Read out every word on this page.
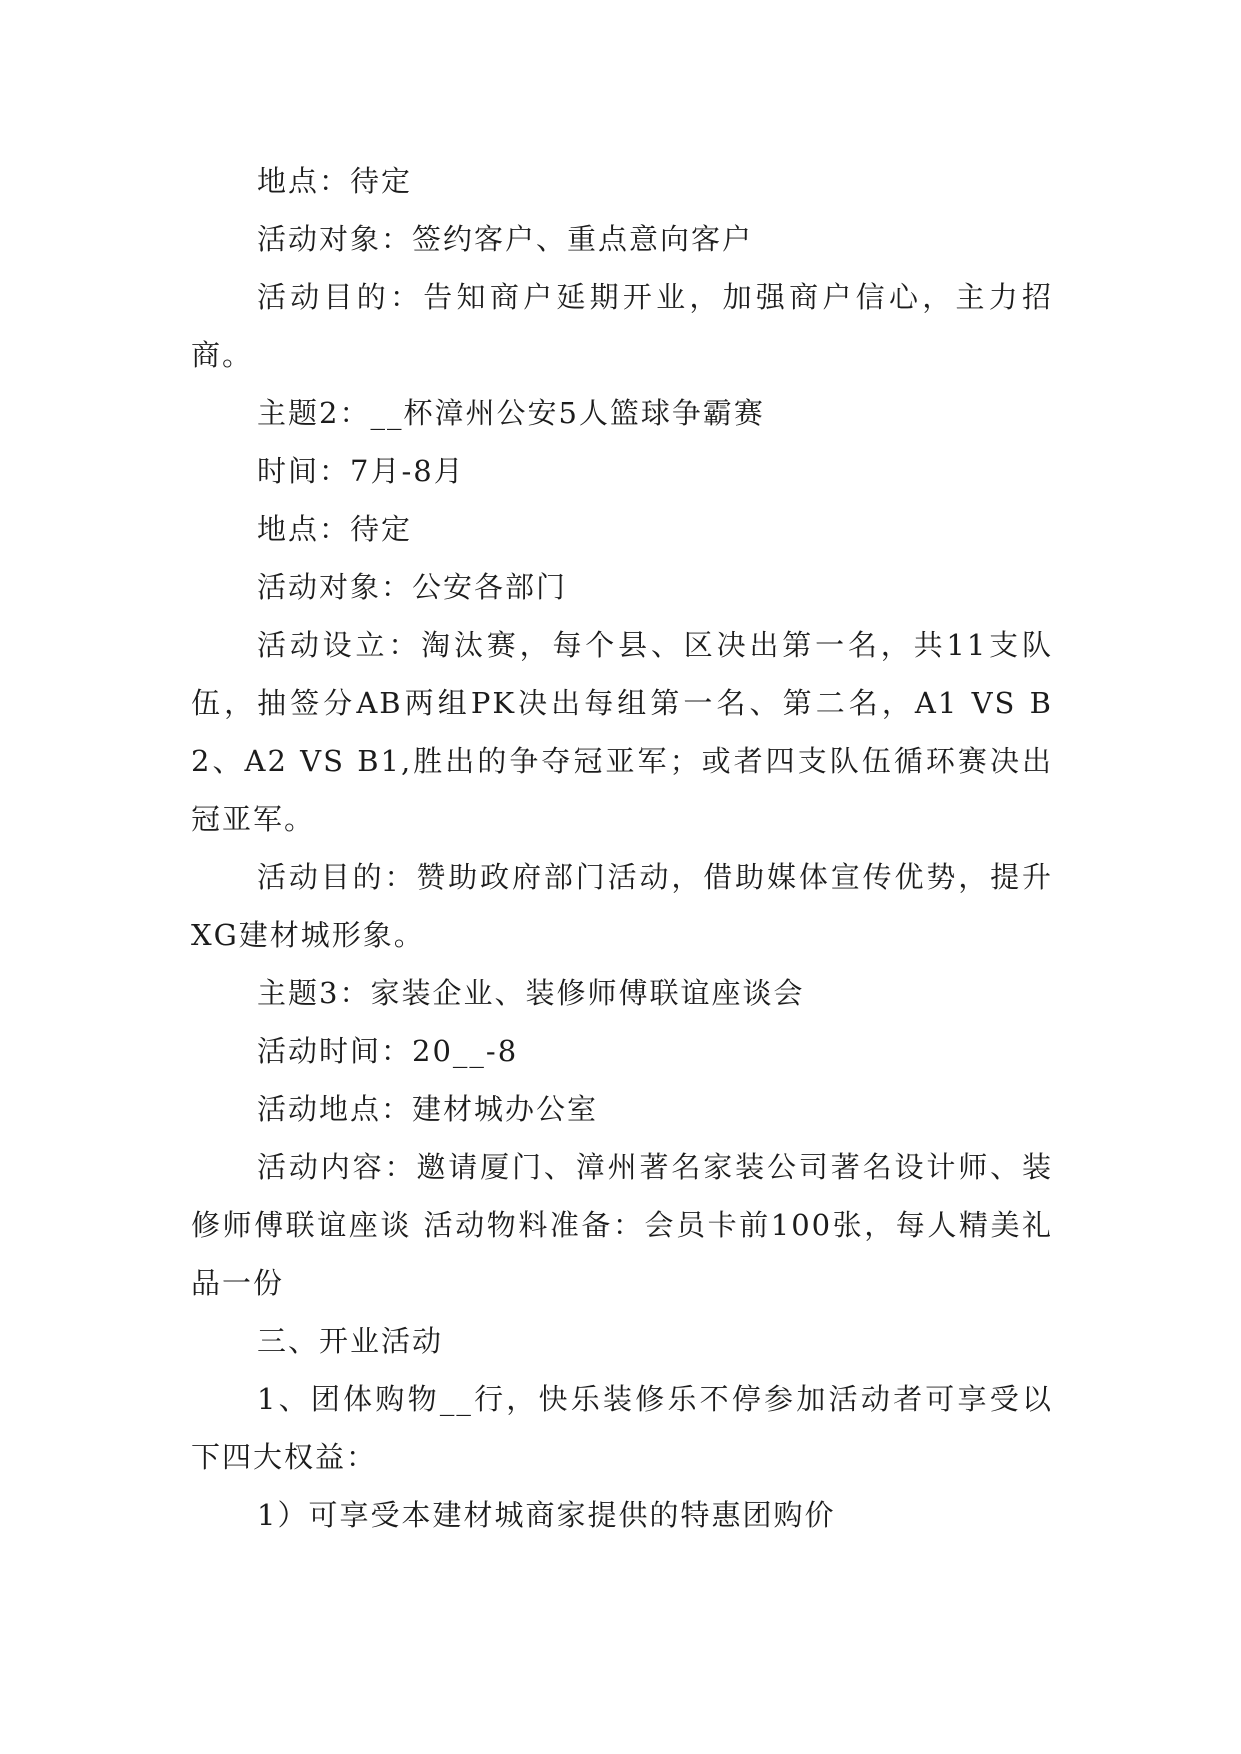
地点：待定

活动对象：签约客户、重点意向客户

活动目的：告知商户延期开业，加强商户信心，主力招商。

主题2：__杯漳州公安5人篮球争霸赛

时间：7月-8月

地点：待定

活动对象：公安各部门

活动设立：淘汰赛，每个县、区决出第一名，共11支队伍，抽签分AB两组PK决出每组第一名、第二名，A1 VS B2、A2 VS B1,胜出的争夺冠亚军；或者四支队伍循环赛决出冠亚军。

活动目的：赞助政府部门活动，借助媒体宣传优势，提升XG建材城形象。

主题3：家装企业、装修师傅联谊座谈会

活动时间：20__-8

活动地点：建材城办公室

活动内容：邀请厦门、漳州著名家装公司著名设计师、装修师傅联谊座谈 活动物料准备：会员卡前100张，每人精美礼品一份

三、开业活动

1、团体购物__行，快乐装修乐不停参加活动者可享受以下四大权益：

1）可享受本建材城商家提供的特惠团购价
